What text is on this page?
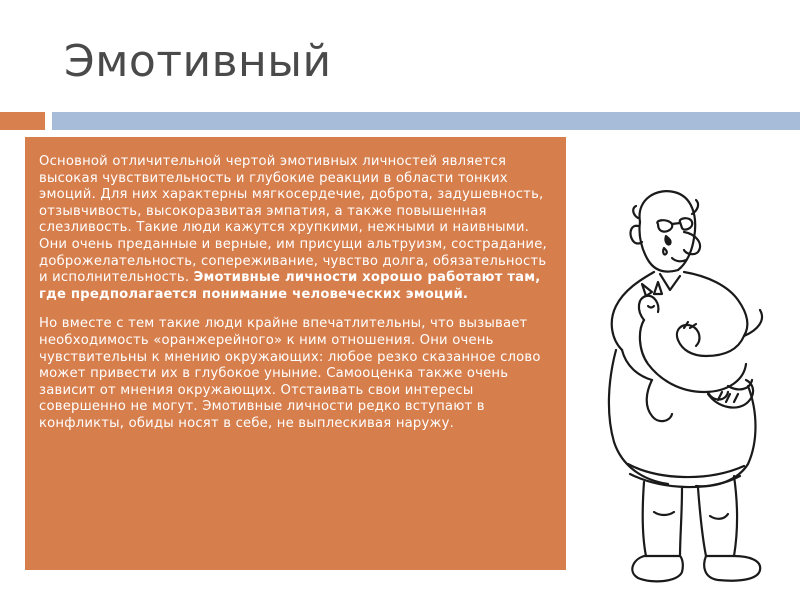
Эмотивный

Основной отличительной чертой эмотивных личностей является высокая чувствительность и глубокие реакции в области тонких эмоций. Для них характерны мягкосердечие, доброта, задушевность, отзывчивость, высокоразвитая эмпатия, а также повышенная слезливость. Такие люди кажутся хрупкими, нежными и наивными. Они очень преданные и верные, им присущи альтруизм, сострадание, доброжелательность, сопереживание, чувство долга, обязательность и исполнительность. Эмотивные личности хорошо работают там, где предполагается понимание человеческих эмоций.

Но вместе с тем такие люди крайне впечатлительны, что вызывает необходимость «оранжерейного» к ним отношения. Они очень чувствительны к мнению окружающих: любое резко сказанное слово может привести их в глубокое уныние. Самооценка также очень зависит от мнения окружающих. Отстаивать свои интересы совершенно не могут. Эмотивные личности редко вступают в конфликты, обиды носят в себе, не выплескивая наружу.
